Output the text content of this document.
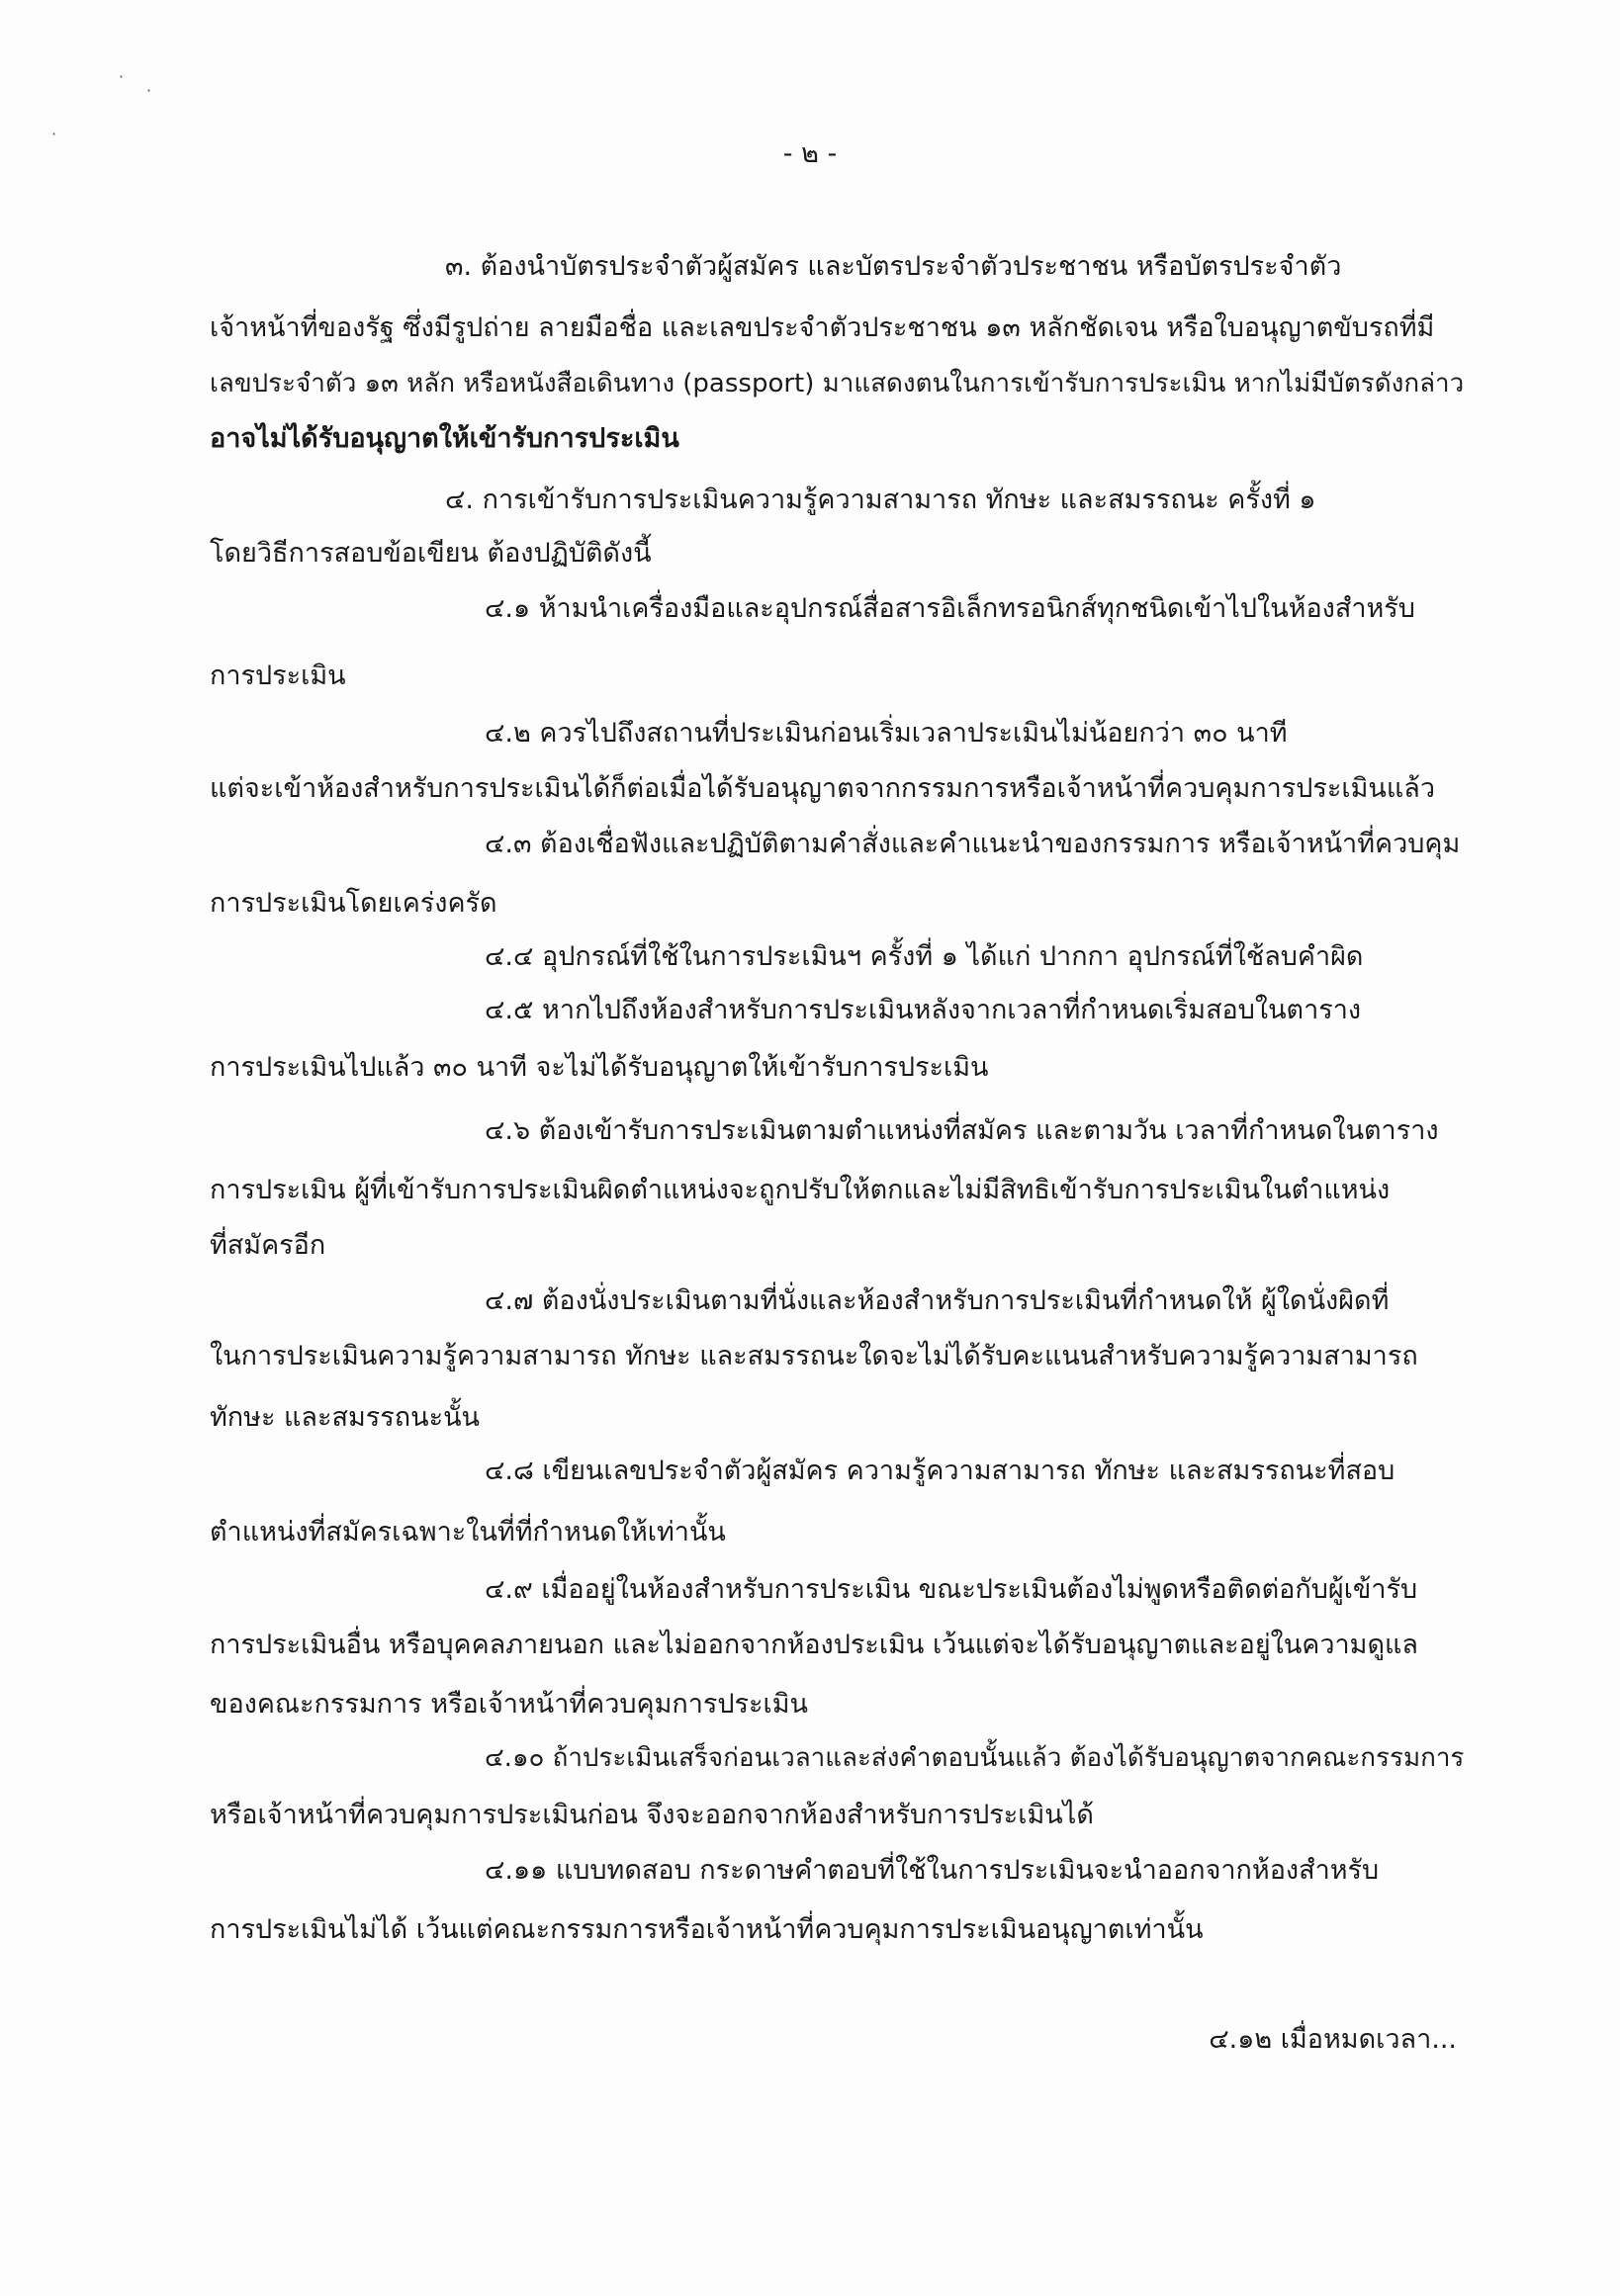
·
·
·
- ๒ -
๓. ต้องนำบัตรประจำตัวผู้สมัคร และบัตรประจำตัวประชาชน หรือบัตรประจำตัว
เจ้าหน้าที่ของรัฐ ซึ่งมีรูปถ่าย ลายมือชื่อ และเลขประจำตัวประชาชน ๑๓ หลักชัดเจน หรือใบอนุญาตขับรถที่มี
เลขประจำตัว ๑๓ หลัก หรือหนังสือเดินทาง (passport) มาแสดงตนในการเข้ารับการประเมิน หากไม่มีบัตรดังกล่าว
อาจไม่ได้รับอนุญาตให้เข้ารับการประเมิน
๔. การเข้ารับการประเมินความรู้ความสามารถ ทักษะ และสมรรถนะ ครั้งที่ ๑
โดยวิธีการสอบข้อเขียน ต้องปฏิบัติดังนี้
๔.๑ ห้ามนำเครื่องมือและอุปกรณ์สื่อสารอิเล็กทรอนิกส์ทุกชนิดเข้าไปในห้องสำหรับ
การประเมิน
๔.๒ ควรไปถึงสถานที่ประเมินก่อนเริ่มเวลาประเมินไม่น้อยกว่า ๓๐ นาที
แต่จะเข้าห้องสำหรับการประเมินได้ก็ต่อเมื่อได้รับอนุญาตจากกรรมการหรือเจ้าหน้าที่ควบคุมการประเมินแล้ว
๔.๓ ต้องเชื่อฟังและปฏิบัติตามคำสั่งและคำแนะนำของกรรมการ หรือเจ้าหน้าที่ควบคุม
การประเมินโดยเคร่งครัด
๔.๔ อุปกรณ์ที่ใช้ในการประเมินฯ ครั้งที่ ๑ ได้แก่ ปากกา อุปกรณ์ที่ใช้ลบคำผิด
๔.๕ หากไปถึงห้องสำหรับการประเมินหลังจากเวลาที่กำหนดเริ่มสอบในตาราง
การประเมินไปแล้ว ๓๐ นาที จะไม่ได้รับอนุญาตให้เข้ารับการประเมิน
๔.๖ ต้องเข้ารับการประเมินตามตำแหน่งที่สมัคร และตามวัน เวลาที่กำหนดในตาราง
การประเมิน ผู้ที่เข้ารับการประเมินผิดตำแหน่งจะถูกปรับให้ตกและไม่มีสิทธิเข้ารับการประเมินในตำแหน่ง
ที่สมัครอีก
๔.๗ ต้องนั่งประเมินตามที่นั่งและห้องสำหรับการประเมินที่กำหนดให้ ผู้ใดนั่งผิดที่
ในการประเมินความรู้ความสามารถ ทักษะ และสมรรถนะใดจะไม่ได้รับคะแนนสำหรับความรู้ความสามารถ
ทักษะ และสมรรถนะนั้น
๔.๘ เขียนเลขประจำตัวผู้สมัคร ความรู้ความสามารถ ทักษะ และสมรรถนะที่สอบ
ตำแหน่งที่สมัครเฉพาะในที่ที่กำหนดให้เท่านั้น
๔.๙ เมื่ออยู่ในห้องสำหรับการประเมิน ขณะประเมินต้องไม่พูดหรือติดต่อกับผู้เข้ารับ
การประเมินอื่น หรือบุคคลภายนอก และไม่ออกจากห้องประเมิน เว้นแต่จะได้รับอนุญาตและอยู่ในความดูแล
ของคณะกรรมการ หรือเจ้าหน้าที่ควบคุมการประเมิน
๔.๑๐ ถ้าประเมินเสร็จก่อนเวลาและส่งคำตอบนั้นแล้ว ต้องได้รับอนุญาตจากคณะกรรมการ
หรือเจ้าหน้าที่ควบคุมการประเมินก่อน จึงจะออกจากห้องสำหรับการประเมินได้
๔.๑๑ แบบทดสอบ กระดาษคำตอบที่ใช้ในการประเมินจะนำออกจากห้องสำหรับ
การประเมินไม่ได้ เว้นแต่คณะกรรมการหรือเจ้าหน้าที่ควบคุมการประเมินอนุญาตเท่านั้น
๔.๑๒ เมื่อหมดเวลา...
